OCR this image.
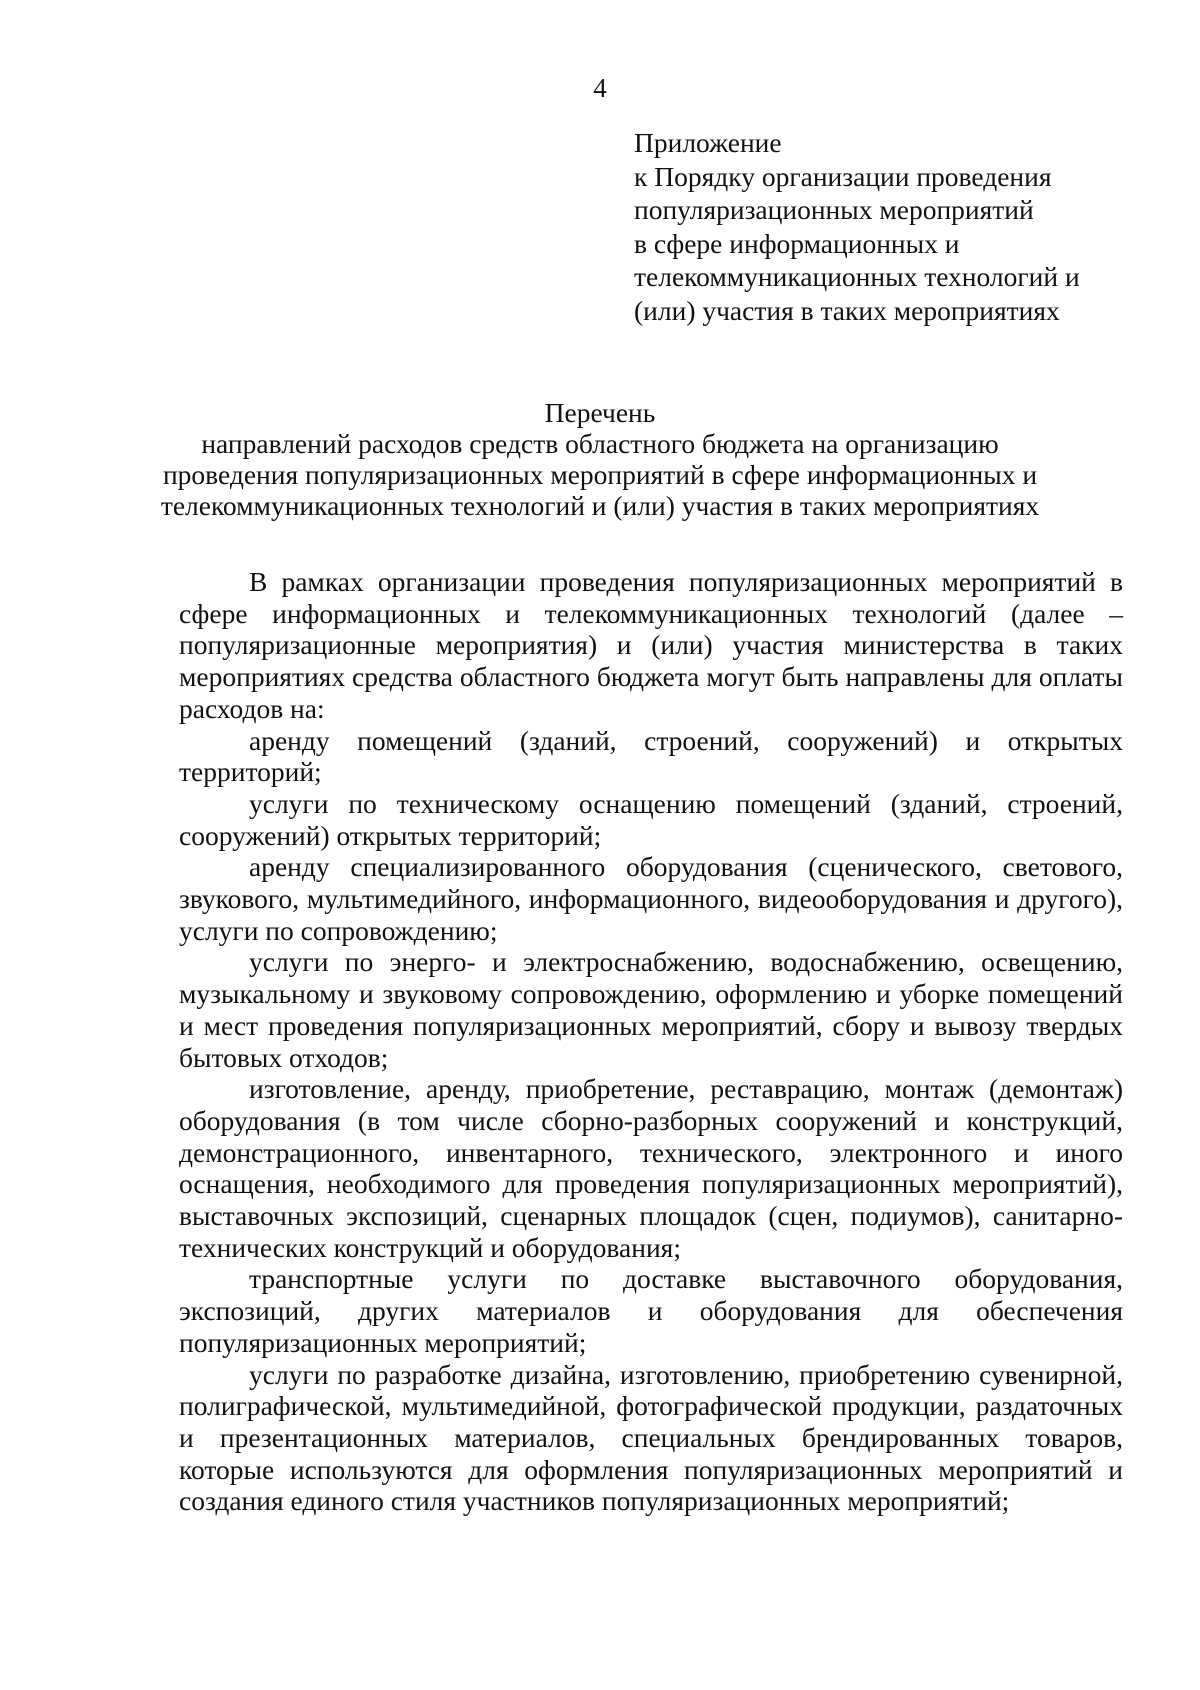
4
Приложение
к Порядку организации проведения
популяризационных мероприятий
в сфере информационных и
телекоммуникационных технологий и
(или) участия в таких мероприятиях
Перечень
направлений расходов средств областного бюджета на организацию
проведения популяризационных мероприятий в сфере информационных и
телекоммуникационных технологий и (или) участия в таких мероприятиях

В рамках организации проведения популяризационных мероприятий в сфере информационных и телекоммуникационных технологий (далее – популяризационные мероприятия) и (или) участия министерства в таких мероприятиях средства областного бюджета могут быть направлены для оплаты расходов на:

аренду помещений (зданий, строений, сооружений) и открытых территорий;

услуги по техническому оснащению помещений (зданий, строений, сооружений) открытых территорий;

аренду специализированного оборудования (сценического, светового, звукового, мультимедийного, информационного, видеооборудования и другого), услуги по сопровождению;

услуги по энерго- и электроснабжению, водоснабжению, освещению, музыкальному и звуковому сопровождению, оформлению и уборке помещений и мест проведения популяризационных мероприятий, сбору и вывозу твердых бытовых отходов;

изготовление, аренду, приобретение, реставрацию, монтаж (демонтаж) оборудования (в том числе сборно-разборных сооружений и конструкций, демонстрационного, инвентарного, технического, электронного и иного оснащения, необходимого для проведения популяризационных мероприятий), выставочных экспозиций, сценарных площадок (сцен, подиумов), санитарно-технических конструкций и оборудования;

транспортные услуги по доставке выставочного оборудования, экспозиций, других материалов и оборудования для обеспечения популяризационных мероприятий;

услуги по разработке дизайна, изготовлению, приобретению сувенирной, полиграфической, мультимедийной, фотографической продукции, раздаточных и презентационных материалов, специальных брендированных товаров, которые используются для оформления популяризационных мероприятий и создания единого стиля участников популяризационных мероприятий;
